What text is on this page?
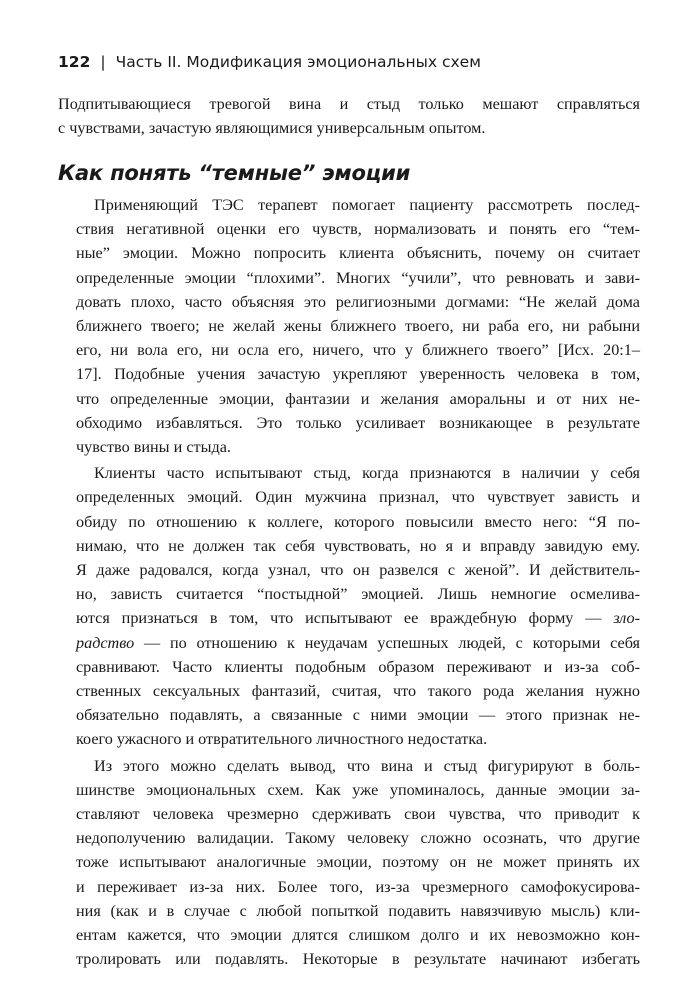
122 | Часть II. Модификация эмоциональных схем
Подпитывающиеся тревогой вина и стыд только мешают справляться
с чувствами, зачастую являющимися универсальным опытом.
Как понять “темные” эмоции

Применяющий ТЭС терапевт помогает пациенту рассмотреть послед-
ствия негативной оценки его чувств, нормализовать и понять его “тем-
ные” эмоции. Можно попросить клиента объяснить, почему он считает
определенные эмоции “плохими”. Многих “учили”, что ревновать и зави-
довать плохо, часто объясняя это религиозными догмами: “Не желай дома
ближнего твоего; не желай жены ближнего твоего, ни раба его, ни рабыни
его, ни вола его, ни осла его, ничего, что у ближнего твоего” [Исх. 20:1–
17]. Подобные учения зачастую укрепляют уверенность человека в том,
что определенные эмоции, фантазии и желания аморальны и от них не-
обходимо избавляться. Это только усиливает возникающее в результате
чувство вины и стыда.

Клиенты часто испытывают стыд, когда признаются в наличии у себя
определенных эмоций. Один мужчина признал, что чувствует зависть и
обиду по отношению к коллеге, которого повысили вместо него: “Я по-
нимаю, что не должен так себя чувствовать, но я и вправду завидую ему.
Я даже радовался, когда узнал, что он развелся с женой”. И действитель-
но, зависть считается “постыдной” эмоцией. Лишь немногие осмелива-
ются признаться в том, что испытывают ее враждебную форму — зло-
радство — по отношению к неудачам успешных людей, с которыми себя
сравнивают. Часто клиенты подобным образом переживают и из-за соб-
ственных сексуальных фантазий, считая, что такого рода желания нужно
обязательно подавлять, а связанные с ними эмоции — этого признак не-
коего ужасного и отвратительного личностного недостатка.

Из этого можно сделать вывод, что вина и стыд фигурируют в боль-
шинстве эмоциональных схем. Как уже упоминалось, данные эмоции за-
ставляют человека чрезмерно сдерживать свои чувства, что приводит к
недополучению валидации. Такому человеку сложно осознать, что другие
тоже испытывают аналогичные эмоции, поэтому он не может принять их
и переживает из-за них. Более того, из-за чрезмерного самофокусирова-
ния (как и в случае с любой попыткой подавить навязчивую мысль) кли-
ентам кажется, что эмоции длятся слишком долго и их невозможно кон-
тролировать или подавлять. Некоторые в результате начинают избегать
